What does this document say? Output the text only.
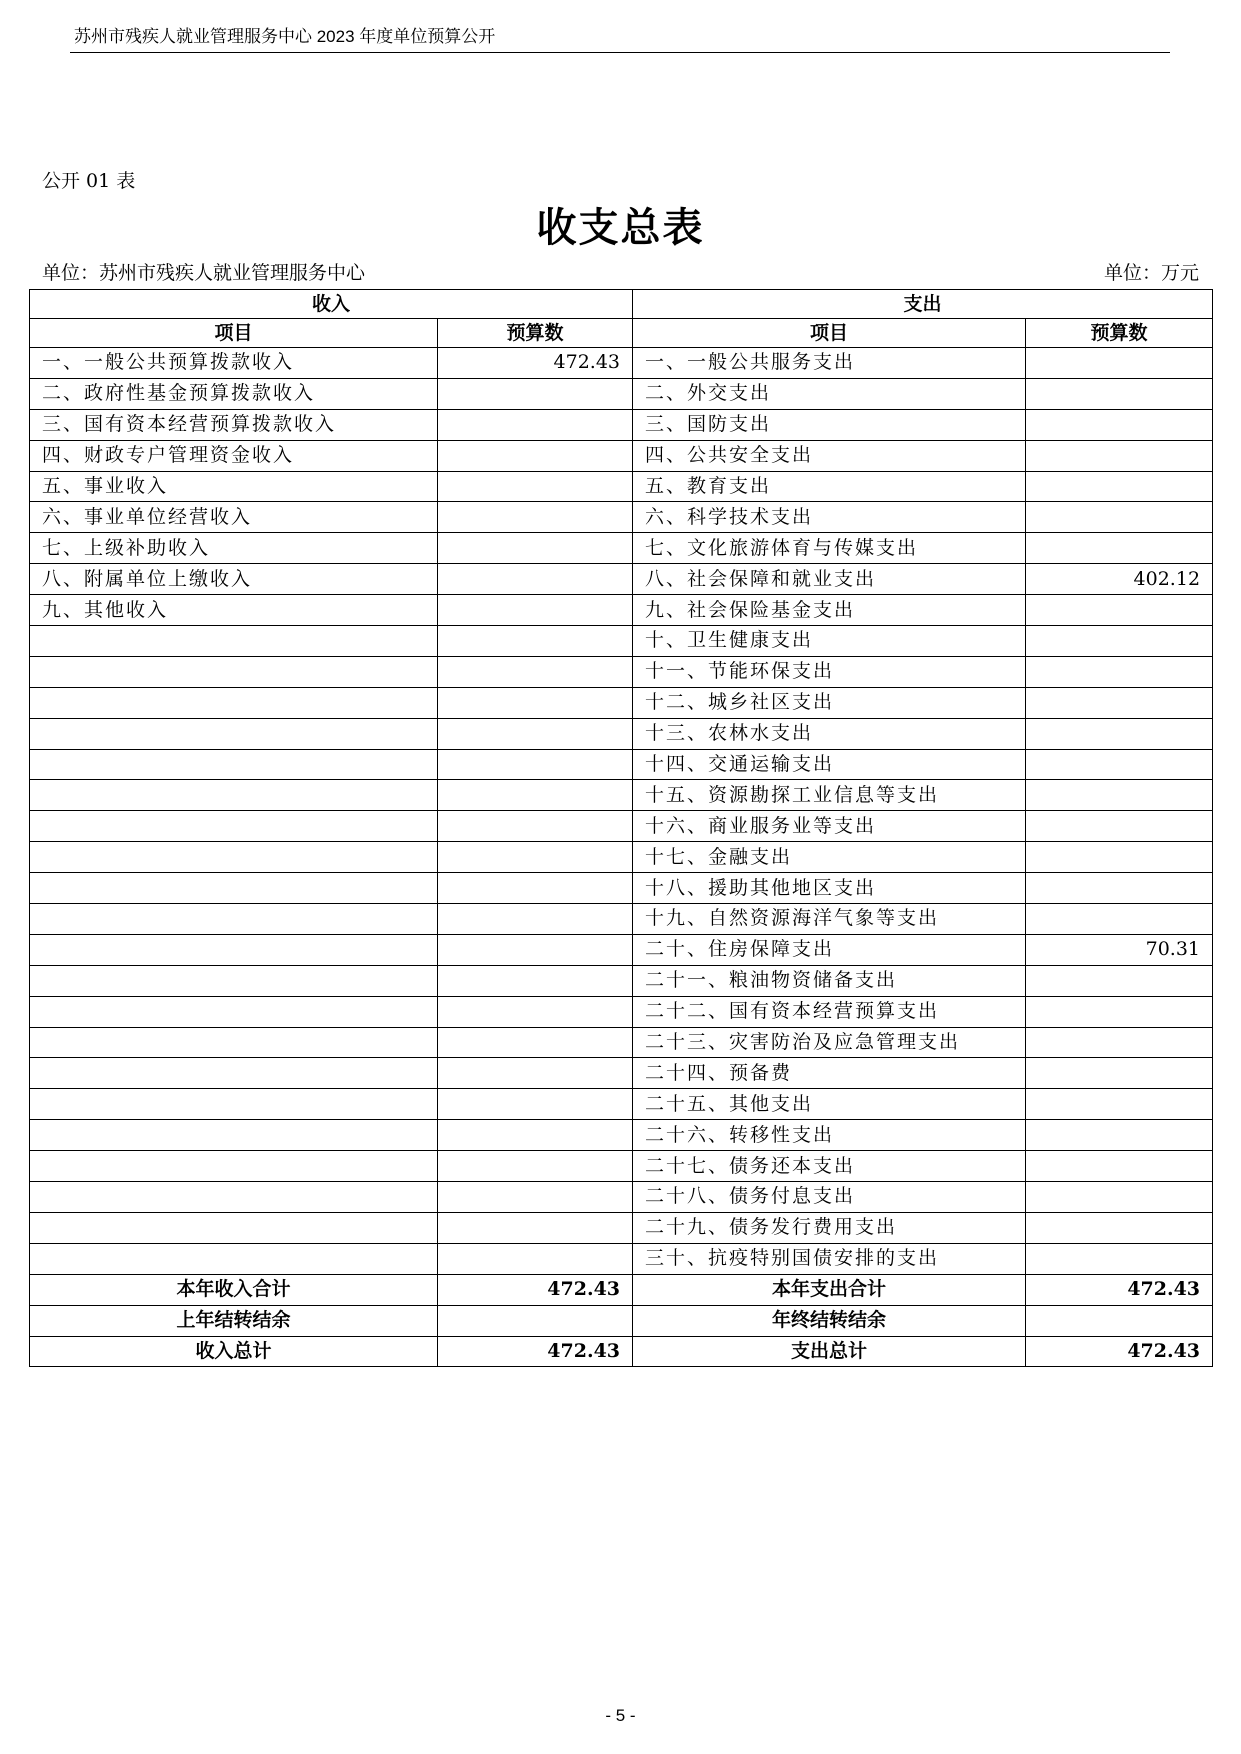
苏州市残疾人就业管理服务中心 2023 年度单位预算公开
公开 01 表
收支总表
单位：苏州市残疾人就业管理服务中心	单位：万元
收入		支出	
项目	预算数	项目	预算数
一、一般公共预算拨款收入	472.43	一、一般公共服务支出	
二、政府性基金预算拨款收入		二、外交支出	
三、国有资本经营预算拨款收入		三、国防支出	
四、财政专户管理资金收入		四、公共安全支出	
五、事业收入		五、教育支出	
六、事业单位经营收入		六、科学技术支出	
七、上级补助收入		七、文化旅游体育与传媒支出	
八、附属单位上缴收入		八、社会保障和就业支出	402.12
九、其他收入		九、社会保险基金支出	
		十、卫生健康支出	
		十一、节能环保支出	
		十二、城乡社区支出	
		十三、农林水支出	
		十四、交通运输支出	
		十五、资源勘探工业信息等支出	
		十六、商业服务业等支出	
		十七、金融支出	
		十八、援助其他地区支出	
		十九、自然资源海洋气象等支出	
		二十、住房保障支出	70.31
		二十一、粮油物资储备支出	
		二十二、国有资本经营预算支出	
		二十三、灾害防治及应急管理支出	
		二十四、预备费	
		二十五、其他支出	
		二十六、转移性支出	
		二十七、债务还本支出	
		二十八、债务付息支出	
		二十九、债务发行费用支出	
		三十、抗疫特别国债安排的支出	
本年收入合计	472.43	本年支出合计	472.43
上年结转结余		年终结转结余	
收入总计	472.43	支出总计	472.43
- 5 -
